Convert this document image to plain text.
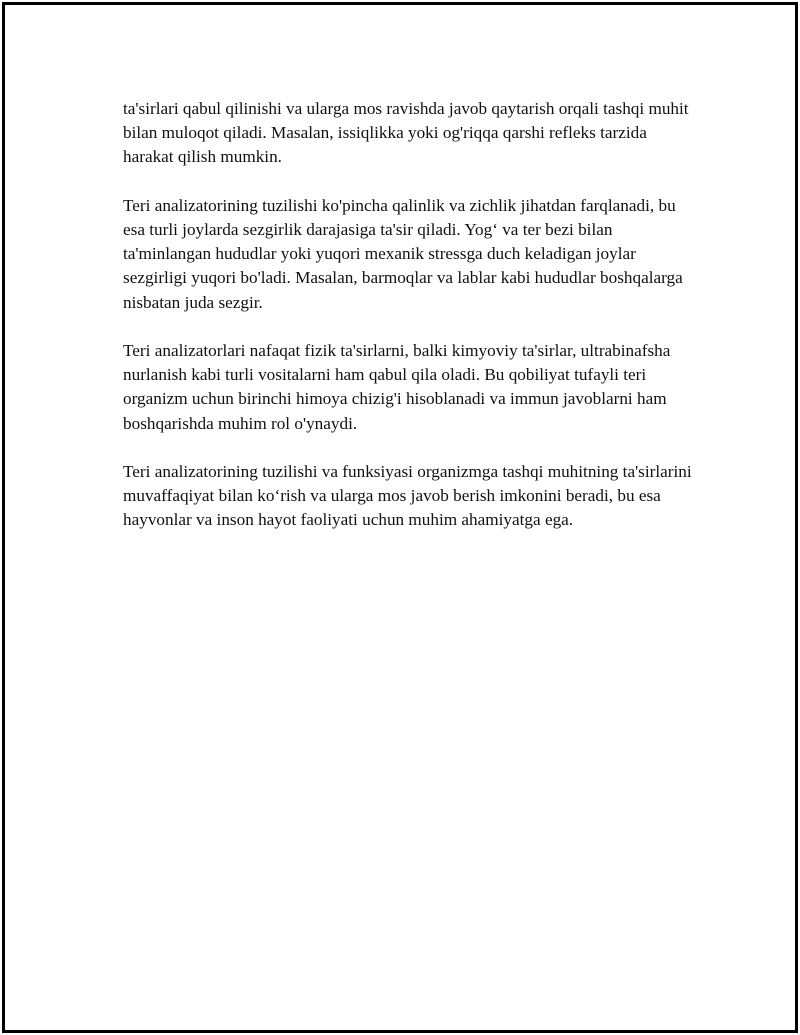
ta'sirlari qabul qilinishi va ularga mos ravishda javob qaytarish orqali tashqi muhit bilan muloqot qiladi. Masalan, issiqlikka yoki og'riqqa qarshi refleks tarzida harakat qilish mumkin.

Teri analizatorining tuzilishi ko'pincha qalinlik va zichlik jihatdan farqlanadi, bu esa turli joylarda sezgirlik darajasiga ta'sir qiladi. Yog‘ va ter bezi bilan ta'minlangan hududlar yoki yuqori mexanik stressga duch keladigan joylar sezgirligi yuqori bo'ladi. Masalan, barmoqlar va lablar kabi hududlar boshqalarga nisbatan juda sezgir.

Teri analizatorlari nafaqat fizik ta'sirlarni, balki kimyoviy ta'sirlar, ultrabinafsha nurlanish kabi turli vositalarni ham qabul qila oladi. Bu qobiliyat tufayli teri organizm uchun birinchi himoya chizig'i hisoblanadi va immun javoblarni ham boshqarishda muhim rol o'ynaydi.

Teri analizatorining tuzilishi va funksiyasi organizmga tashqi muhitning ta'sirlarini muvaffaqiyat bilan ko‘rish va ularga mos javob berish imkonini beradi, bu esa hayvonlar va inson hayot faoliyati uchun muhim ahamiyatga ega.
